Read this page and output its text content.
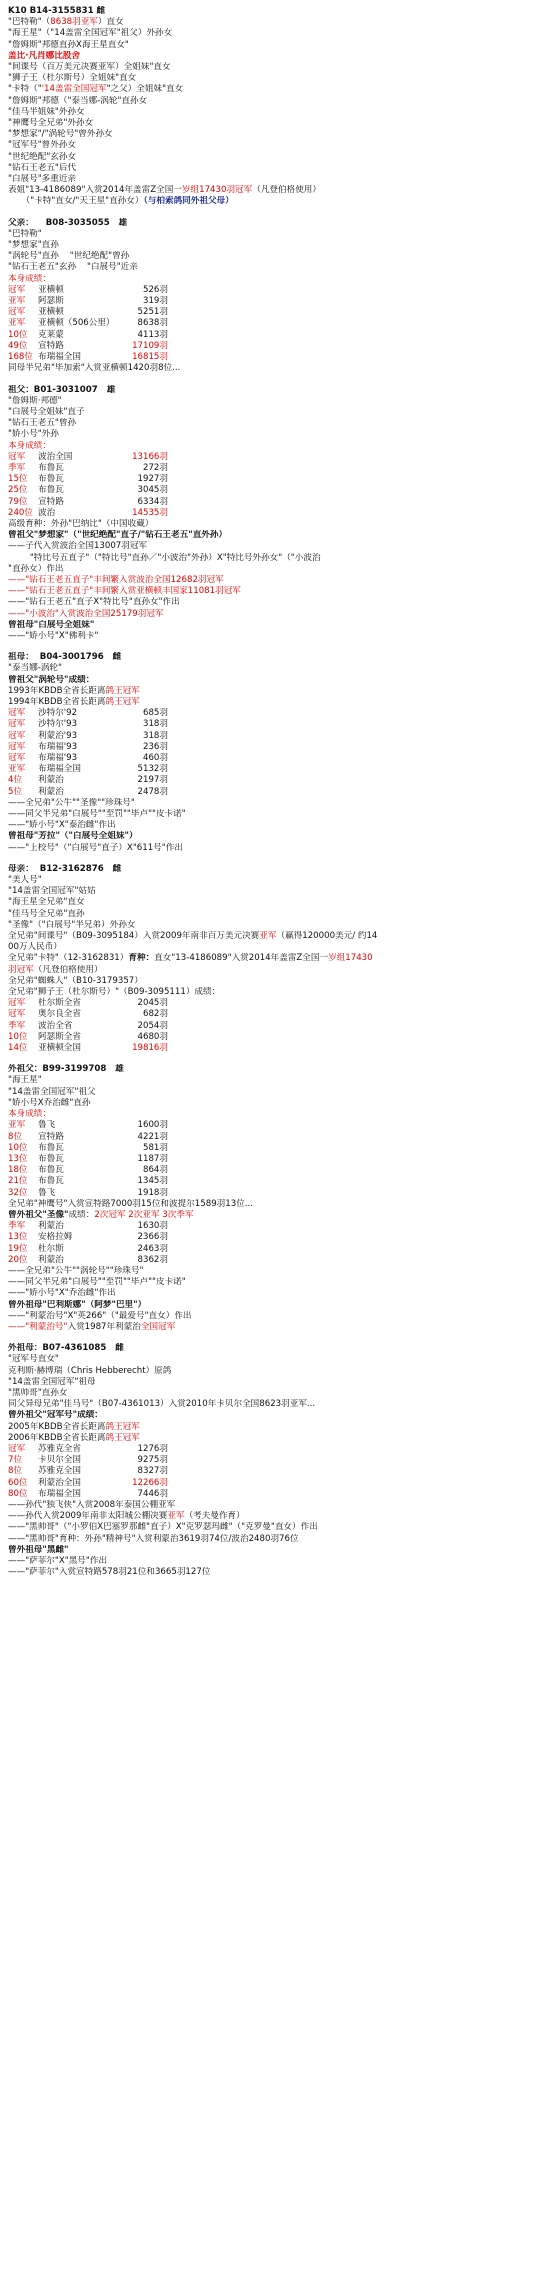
K10 B14-3155831 雌
"巴特勒"（8638羽亚军）直女
"海王星"（"14盖雷全国冠军"祖父）外孙女
"詹姆斯"邦德直孙X海王星直女"
盖比·凡肖娜比股舍
"间谍号（百万美元决赛亚军）全姐妹"直女
"狮子王（杜尔斯号）全姐妹"直女
"卡特（"'14盖雷全国冠军"之父）全姐妹"直女
"詹姆斯"邦德（"泰当娜-涡轮"直孙女
"佳马半姐妹"外孙女
"神鹰号全兄弟"外孙女
"梦想家"/"涡轮号"曾外孙女
"冠军号"曾外孙女
"世纪绝配"玄孙女
"钻石王老五"后代
"白展号"多重近亲
表姐"13-4186089"入赏2014年盖雷Z全国一岁组17430羽冠军（凡登伯格使用）
（"卡特"直女/"天王星"直孙女）（与柏索鸽同外祖父母）
父亲：    B08-3035055   雄
"巴特勒"
"梦想家"直孙
"涡轮号"直孙    "世纪绝配"曾孙
"钻石王老五"玄孙    "白展号"近亲
本身成绩：
冠军	亚横顿	526羽
亚军	阿瑟斯	319羽
冠军	亚横顿	5251羽
亚军	亚横顿（506公里）	8638羽
10位	克莱蒙	4113羽
49位	宣特路	17109羽
168位 布瑞福全国	16815羽
同母半兄弟"毕加索"入赏亚横顿1420羽8位...
祖父：B01-3031007   雄
"詹姆斯·邦德"
"白展号全姐妹"直子
"钻石王老五"曾孙
"娇小号"外孙
本身成绩：
冠军	波治全国	13166羽
季军	布鲁瓦	272羽
15位	布鲁瓦	1927羽
25位	布鲁瓦	3045羽
79位	宣特路	6334羽
240位 波治	14535羽
高级育种：外孙"巴纳比"（中国收藏）
曾祖父"梦想家"（"世纪绝配"直子/"钻石王老五"直外孙）
——子代入赏波治全国13007羽冠军
"特比号五直子"（"特比号"直孙／"小波治"外孙）X"特比号外孙女"（"小波治
"直孙女）作出
——"钻石王老五直子"丰间繁入赏波治全国12682羽冠军
——"钻石王老五直子"丰间繁入赏亚横顿丰国家11081羽冠军
——"钻石王老五"直子X"特比号"直孙女"作出
——"小波治"入赏波治全国25179羽冠军
曾祖母"白展号全姐妹"
——"娇小号"X"佛利卡"
祖母：  B04-3001796   雌
"泰当娜-涡轮"
曾祖父"涡轮号"成绩：
1993年KBDB全省长距离鸽王冠军
1994年KBDB全省长距离鸽王冠军
冠军	沙特尔'92	685羽
冠军	沙特尔'93	318羽
冠军	利蒙治'93	318羽
冠军	布瑞福'93	236羽
冠军	布瑞福'93	460羽
亚军	布瑞福全国	5132羽
4位	利蒙治	2197羽
5位	利蒙治	2478羽
——全兄弟"公牛""圣像""珍珠号"
——同父半兄弟"白展号""至罚""毕卢""皮卡诺"
——"娇小号"X"泰治雌"作出
曾祖母"芳拉"（"白展号全姐妹"）
——"上校号"（"白展号"直子）X"611号"作出
母亲：  B12-3162876   雌
"美人号"
"14盖雷全国冠军"姑姑
"海王星全兄弟"直女
"佳马号全兄弟"直孙
"圣像"（"白展号"半兄弟）外孙女
全兄弟"间谍号"（B09-3095184）入赏2009年南非百万美元决赛亚军（赢得120000美元/ 约14
00万人民币）
全兄弟"卡特"（12-3162831）育种：直女"13-4186089"入赏2014年盖雷Z全国一岁组17430
羽冠军（凡登伯格使用）
全兄弟"蜘蛛人"（B10-3179357）
全兄弟"狮子王（杜尔斯号）"（B09-3095111）成绩：
冠军	杜尔斯全省	2045羽
冠军	奥尔良全省	682羽
季军	波治全省	2054羽
10位	阿瑟斯全省	4680羽
14位	亚横顿全国	19816羽
外祖父：B99-3199708   雄
"海王星"
"14盖雷全国冠军"祖父
"娇小号X乔治雌"直孙
本身成绩：
亚军	鲁飞	1600羽
8位	宣特路	4221羽
10位	布鲁瓦	581羽
13位	布鲁瓦	1187羽
18位	布鲁瓦	864羽
21位	布鲁瓦	1345羽
32位	鲁飞	1918羽
全兄弟"神鹰号"入赏宣特路7000羽15位和波提尔1589羽13位...
曾外祖父"圣像"成绩：2次冠军 2次亚军 3次季军
季军	利蒙治	1630羽
13位	安格拉姆	2366羽
19位	杜尔斯	2463羽
20位	利蒙治	8362羽
——全兄弟"公牛""涡轮号""珍珠号"
——同父半兄弟"白展号""至罚""毕卢""皮卡诺"
——"娇小号"X"乔治雌"作出
曾外祖母"巴利斯娜"（阿梦"巴里"）
——"利蒙治号"X"英266"（"最爱号"直女）作出
——"利蒙治号"入赏1987年利蒙治全国冠军
外祖母：B07-4361085   雌
"冠军号直女"
克利斯·赫博瑞（Chris Hebberecht）原鸽
"14盖雷全国冠军"祖母
"黑帅哥"直孙女
同父异母兄弟"佳马号"（B07-4361013）入赏2010年卡贝尔全国8623羽亚军...
曾外祖父"冠军号"成绩：
2005年KBDB全省长距离鸽王冠军
2006年KBDB全省长距离鸽王冠军
冠军	苏雅克全省	1276羽
7位	卡贝尔全国	9275羽
8位	苏雅克全国	8327羽
60位	利蒙治全国	12266羽
80位	布瑞福全国	7446羽
——孙代"独飞侠"入赏2008年泰国公棚亚军
——孙代入赏2009年南非太阳城公棚决赛亚军（考夫曼作育）
——"黑帅哥"（"小罗伯X巴塞罗那雌"直子）X"克罗瑟玛雌"（"克罗曼"直女）作出
——"黑帅哥"育种：外孙"精神号"入赏利蒙治3619羽74位/波治2480羽76位
曾外祖母"黑雌"
——"萨菲尔"X"黑号"作出
——"萨菲尔"入赏宣特路578羽21位和3665羽127位
